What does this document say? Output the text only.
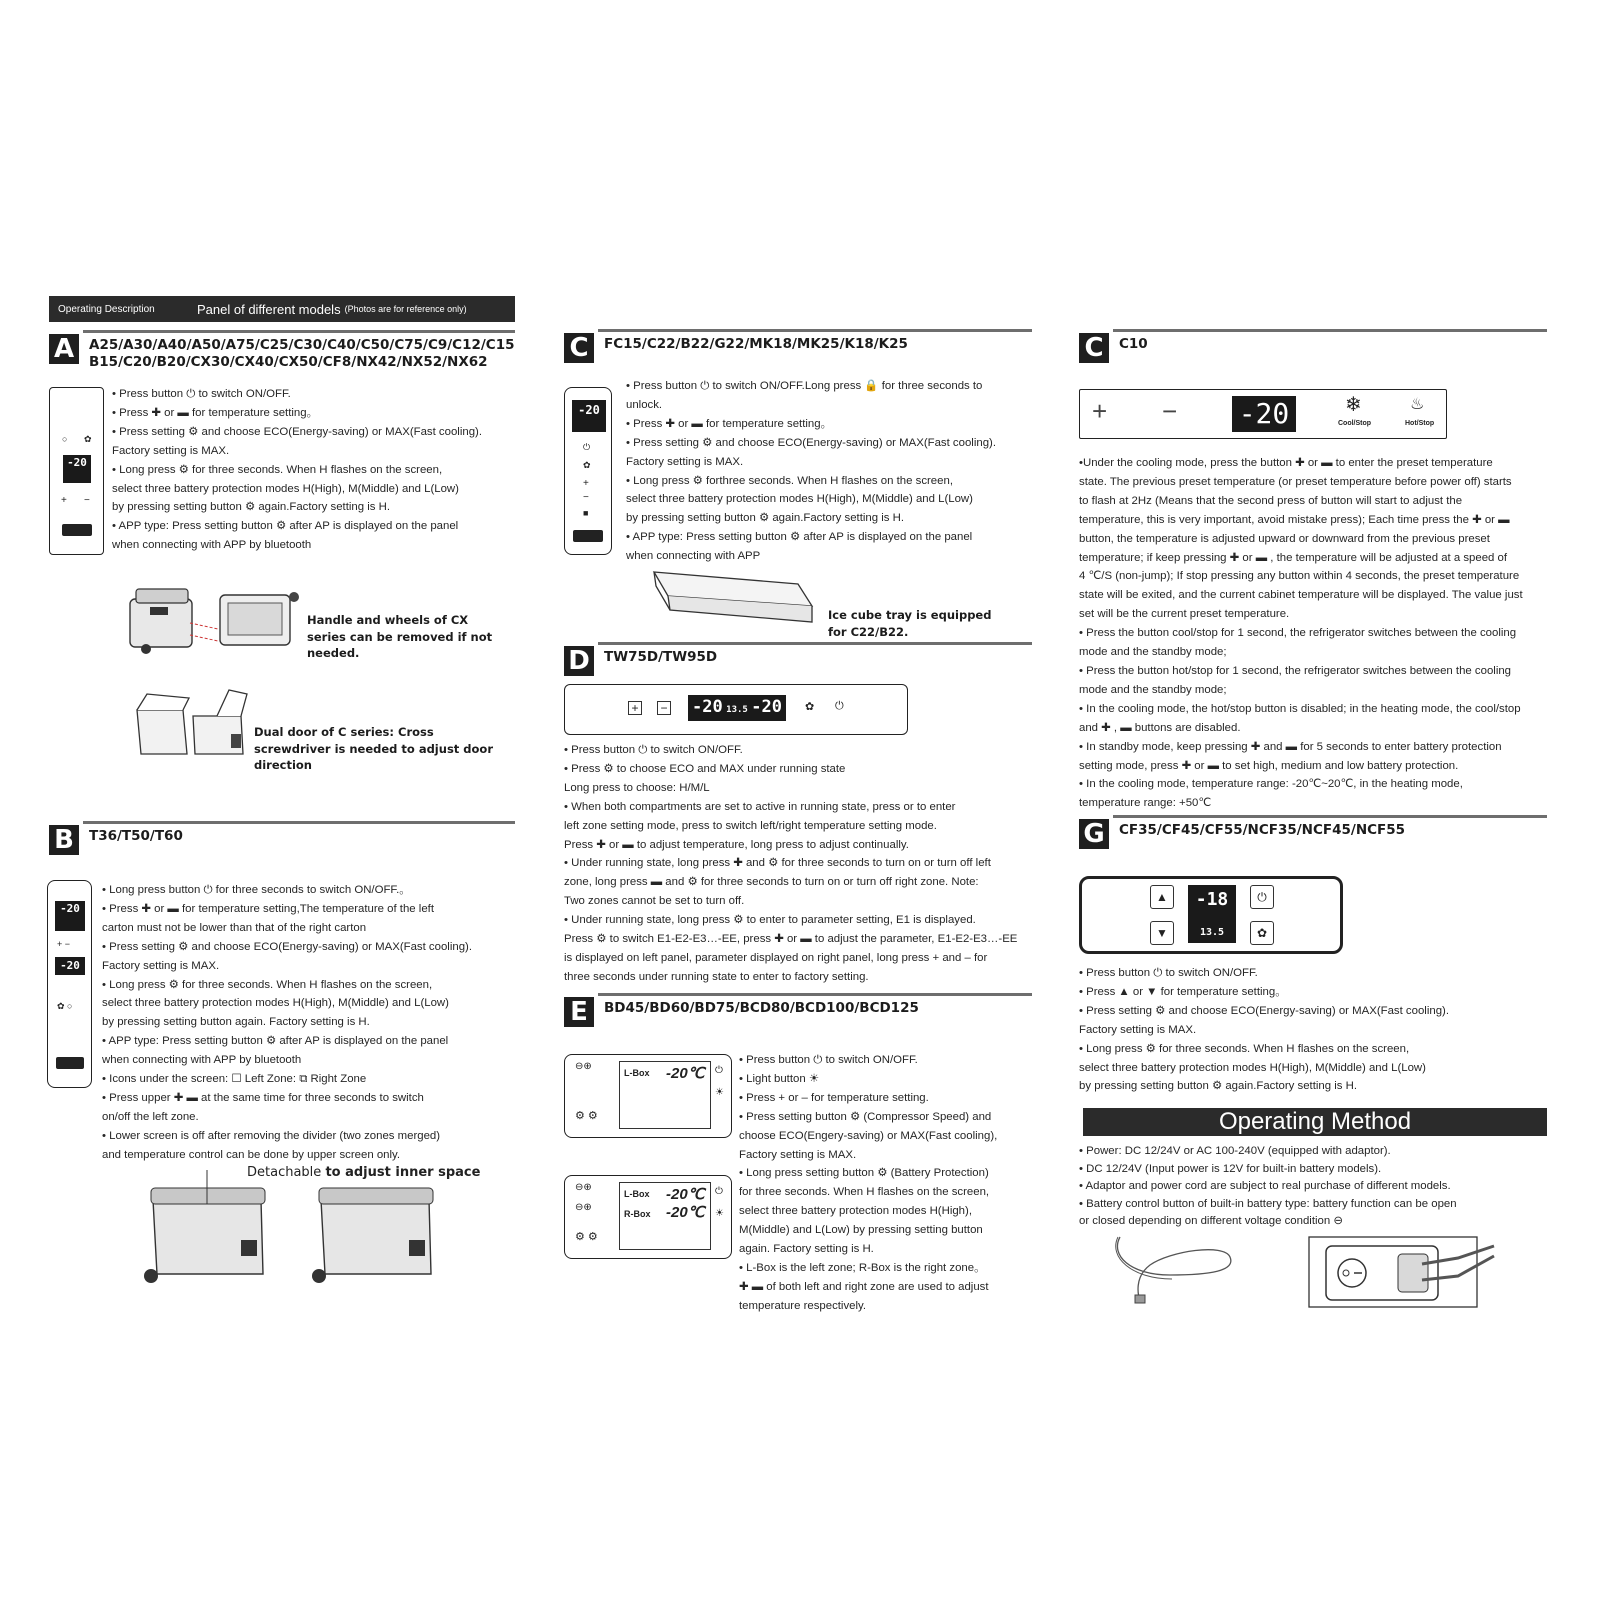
Operating Description	Panel of different models (Photos are for reference only)
A	A25/A30/A40/A50/A75/C25/C30/C40/C50/C75/C9/C12/C15 B15/C20/B20/CX30/CX40/CX50/CF8/NX42/NX52/NX62
○ ✿
-20
+ −

• Press button ⏻ to switch ON/OFF.

• Press ✚ or ▬ for temperature setting。

• Press setting ⚙ and choose ECO(Energy-saving) or MAX(Fast cooling).

Factory setting is MAX.

• Long press ⚙ for three seconds. When H flashes on the screen,

select three battery protection modes H(High), M(Middle) and L(Low)

by pressing setting button ⚙ again.Factory setting is H.

• APP type: Press setting button ⚙ after AP is displayed on the panel

when connecting with APP by bluetooth

Handle and wheels of CX series can be removed if not needed.
Dual door of C series: Cross screwdriver is needed to adjust door direction
B	T36/T50/T60
-20
+ −
-20
✿ ○

• Long press button ⏻ for three seconds to switch ON/OFF.。

• Press ✚ or ▬ for temperature setting,The temperature of the left

carton must not be lower than that of the right carton

• Press setting ⚙ and choose ECO(Energy-saving) or MAX(Fast cooling).

Factory setting is MAX.

• Long press ⚙ for three seconds. When H flashes on the screen,

select three battery protection modes H(High), M(Middle) and L(Low)

by pressing setting button again. Factory setting is H.

• APP type: Press setting button ⚙ after AP is displayed on the panel

when connecting with APP by bluetooth

• Icons under the screen: ☐ Left Zone: ⧉ Right Zone

• Press upper ✚ ▬ at the same time for three seconds to switch

on/off the left zone.

• Lower screen is off after removing the divider (two zones merged)

and temperature control can be done by upper screen only.

Detachable to adjust inner space
C	FC15/C22/B22/G22/MK18/MK25/K18/K25
-20
⏻
✿
+
−
■

• Press button ⏻ to switch ON/OFF.Long press 🔒 for three seconds to

unlock.

• Press ✚ or ▬ for temperature setting。

• Press setting ⚙ and choose ECO(Energy-saving) or MAX(Fast cooling).

Factory setting is MAX.

• Long press ⚙ forthree seconds. When H flashes on the screen,

select three battery protection modes H(High), M(Middle) and L(Low)

by pressing setting button ⚙ again.Factory setting is H.

• APP type: Press setting button ⚙ after AP is displayed on the panel

when connecting with APP

Ice cube tray is equipped for C22/B22.
D	TW75D/TW95D
+ − -20 13.5 -20 ✿ ⏻

• Press button ⏻ to switch ON/OFF.

• Press ⚙ to choose ECO and MAX under running state

Long press to choose: H/M/L

• When both compartments are set to active in running state, press or to enter

left zone setting mode, press to switch left/right temperature setting mode.

Press ✚ or ▬ to adjust temperature, long press to adjust continually.

• Under running state, long press ✚ and ⚙ for three seconds to turn on or turn off left

zone, long press ▬ and ⚙ for three seconds to turn on or turn off right zone. Note:

Two zones cannot be set to turn off.

• Under running state, long press ⚙ to enter to parameter setting, E1 is displayed.

Press ⚙ to switch E1-E2-E3…-EE, press ✚ or ▬ to adjust the parameter, E1-E2-E3…-EE

is displayed on left panel, parameter displayed on right panel, long press + and – for

three seconds under running state to enter to factory setting.

E	BD45/BD60/BD75/BCD80/BCD100/BCD125
⊖⊕
L-Box -20℃ ⏻
☀
⚙ ⚙
⊖⊕
⊖⊕
L-Box -20℃
R-Box -20℃
⏻
☀
⚙ ⚙

• Press button ⏻ to switch ON/OFF.

• Light button ☀

• Press + or – for temperature setting.

• Press setting button ⚙ (Compressor Speed) and

choose ECO(Engery-saving) or MAX(Fast cooling),

Factory setting is MAX.

• Long press setting button ⚙ (Battery Protection)

for three seconds. When H flashes on the screen,

select three battery protection modes H(High),

M(Middle) and L(Low) by pressing setting button

again. Factory setting is H.

• L-Box is the left zone; R-Box is the right zone。

✚ ▬ of both left and right zone are used to adjust

temperature respectively.

C	C10
+ − -20	❄
Cool/Stop
♨
Hot/Stop

•Under the cooling mode, press the button ✚ or ▬ to enter the preset temperature

state. The previous preset temperature (or preset temperature before power off) starts

to flash at 2Hz (Means that the second press of button will start to adjust the

temperature, this is very important, avoid mistake press); Each time press the ✚ or ▬

button, the temperature is adjusted upward or downward from the previous preset

temperature; if keep pressing ✚ or ▬ , the temperature will be adjusted at a speed of

4 ℃/S (non-jump); If stop pressing any button within 4 seconds, the preset temperature

state will be exited, and the current cabinet temperature will be displayed. The value just

set will be the current preset temperature.

• Press the button cool/stop for 1 second, the refrigerator switches between the cooling

mode and the standby mode;

• Press the button hot/stop for 1 second, the refrigerator switches between the cooling

mode and the standby mode;

• In the cooling mode, the hot/stop button is disabled; in the heating mode, the cool/stop

and ✚ , ▬ buttons are disabled.

• In standby mode, keep pressing ✚ and ▬ for 5 seconds to enter battery protection

setting mode, press ✚ or ▬ to set high, medium and low battery protection.

• In the cooling mode, temperature range: -20℃~20℃, in the heating mode,

temperature range: +50℃

G	CF35/CF45/CF55/NCF35/NCF45/NCF55
▲
▼
-18
13.5
⏻
✿

• Press button ⏻ to switch ON/OFF.

• Press ▲ or ▼ for temperature setting。

• Press setting ⚙ and choose ECO(Energy-saving) or MAX(Fast cooling).

Factory setting is MAX.

• Long press ⚙ for three seconds. When H flashes on the screen,

select three battery protection modes H(High), M(Middle) and L(Low)

by pressing setting button ⚙ again.Factory setting is H.

Operating Method

• Power: DC 12/24V or AC 100-240V (equipped with adaptor).

• DC 12/24V (Input power is 12V for built-in battery models).

• Adaptor and power cord are subject to real purchase of different models.

• Battery control button of built-in battery type: battery function can be open

or closed depending on different voltage condition ⊖
